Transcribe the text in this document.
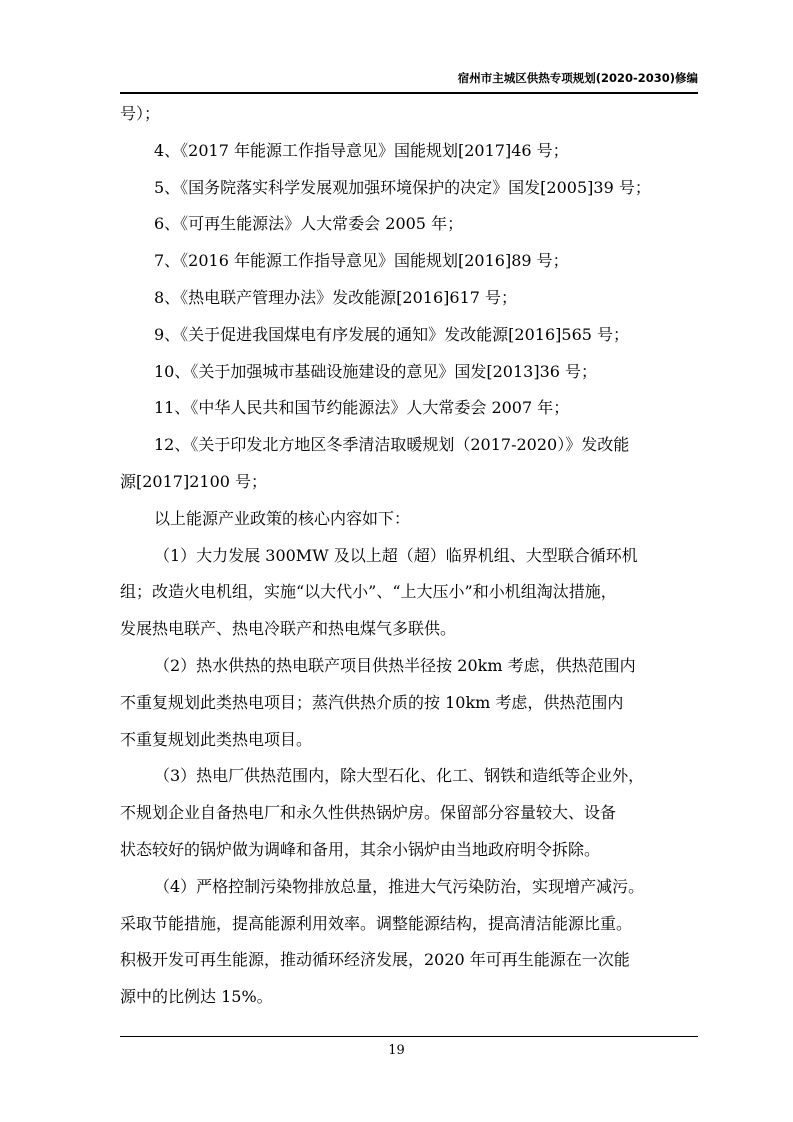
宿州市主城区供热专项规划(2020-2030)修编
号）；
4、《2017 年能源工作指导意见》国能规划[2017]46 号；
5、《国务院落实科学发展观加强环境保护的决定》国发[2005]39 号；
6、《可再生能源法》人大常委会 2005 年；
7、《2016 年能源工作指导意见》国能规划[2016]89 号；
8、《热电联产管理办法》发改能源[2016]617 号；
9、《关于促进我国煤电有序发展的通知》发改能源[2016]565 号；
10、《关于加强城市基础设施建设的意见》国发[2013]36 号；
11、《中华人民共和国节约能源法》人大常委会 2007 年；
12、《关于印发北方地区冬季清洁取暖规划（2017-2020）》发改能
源[2017]2100 号；
以上能源产业政策的核心内容如下：
（1）大力发展 300MW 及以上超（超）临界机组、大型联合循环机
组；改造火电机组，实施“以大代小”、“上大压小”和小机组淘汰措施，
发展热电联产、热电冷联产和热电煤气多联供。
（2）热水供热的热电联产项目供热半径按 20km 考虑，供热范围内
不重复规划此类热电项目；蒸汽供热介质的按 10km 考虑，供热范围内
不重复规划此类热电项目。
（3）热电厂供热范围内，除大型石化、化工、钢铁和造纸等企业外，
不规划企业自备热电厂和永久性供热锅炉房。保留部分容量较大、设备
状态较好的锅炉做为调峰和备用，其余小锅炉由当地政府明令拆除。
（4）严格控制污染物排放总量，推进大气污染防治，实现增产减污。
采取节能措施，提高能源利用效率。调整能源结构，提高清洁能源比重。
积极开发可再生能源，推动循环经济发展，2020 年可再生能源在一次能
源中的比例达 15%。
19
